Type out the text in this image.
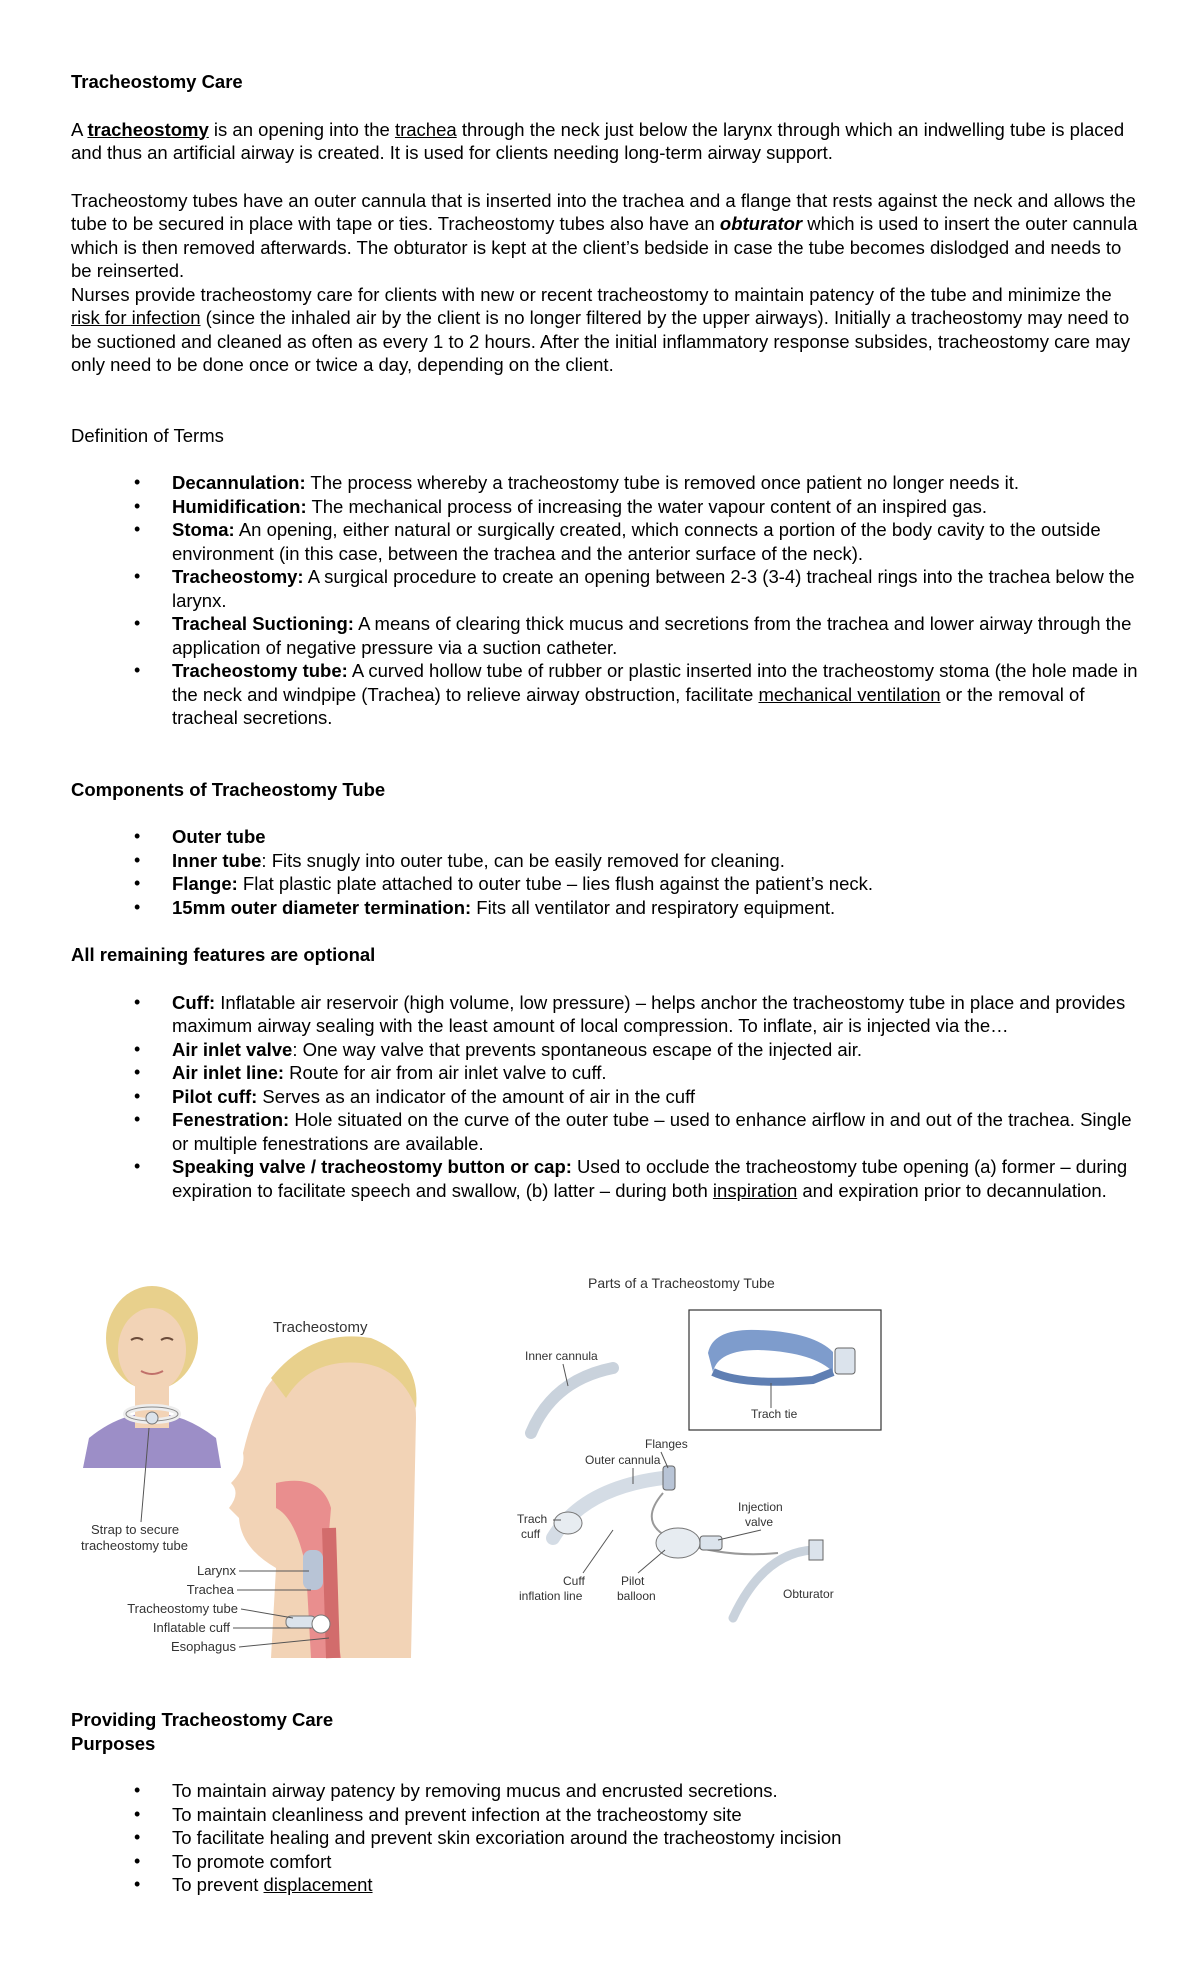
Tracheostomy Care

A tracheostomy is an opening into the trachea through the neck just below the larynx through which an indwelling tube is placed and thus an artificial airway is created. It is used for clients needing long-term airway support.

Tracheostomy tubes have an outer cannula that is inserted into the trachea and a flange that rests against the neck and allows the tube to be secured in place with tape or ties. Tracheostomy tubes also have an obturator which is used to insert the outer cannula which is then removed afterwards. The obturator is kept at the client’s bedside in case the tube becomes dislodged and needs to be reinserted.

Nurses provide tracheostomy care for clients with new or recent tracheostomy to maintain patency of the tube and minimize the risk for infection (since the inhaled air by the client is no longer filtered by the upper airways). Initially a tracheostomy may need to be suctioned and cleaned as often as every 1 to 2 hours. After the initial inflammatory response subsides, tracheostomy care may only need to be done once or twice a day, depending on the client.

Definition of Terms

• Decannulation: The process whereby a tracheostomy tube is removed once patient no longer needs it.
• Humidification: The mechanical process of increasing the water vapour content of an inspired gas.
• Stoma: An opening, either natural or surgically created, which connects a portion of the body cavity to the outside environment (in this case, between the trachea and the anterior surface of the neck).
• Tracheostomy: A surgical procedure to create an opening between 2-3 (3-4) tracheal rings into the trachea below the larynx.
• Tracheal Suctioning: A means of clearing thick mucus and secretions from the trachea and lower airway through the application of negative pressure via a suction catheter.
• Tracheostomy tube: A curved hollow tube of rubber or plastic inserted into the tracheostomy stoma (the hole made in the neck and windpipe (Trachea) to relieve airway obstruction, facilitate mechanical ventilation or the removal of tracheal secretions.

Components of Tracheostomy Tube

• Outer tube
• Inner tube: Fits snugly into outer tube, can be easily removed for cleaning.
• Flange: Flat plastic plate attached to outer tube – lies flush against the patient’s neck.
• 15mm outer diameter termination: Fits all ventilator and respiratory equipment.

All remaining features are optional

• Cuff: Inflatable air reservoir (high volume, low pressure) – helps anchor the tracheostomy tube in place and provides maximum airway sealing with the least amount of local compression. To inflate, air is injected via the…
• Air inlet valve: One way valve that prevents spontaneous escape of the injected air.
• Air inlet line: Route for air from air inlet valve to cuff.
• Pilot cuff: Serves as an indicator of the amount of air in the cuff
• Fenestration: Hole situated on the curve of the outer tube – used to enhance airflow in and out of the trachea. Single or multiple fenestrations are available.
• Speaking valve / tracheostomy button or cap: Used to occlude the tracheostomy tube opening (a) former – during expiration to facilitate speech and swallow, (b) latter – during both inspiration and expiration prior to decannulation.
Tracheostomy
Strap to secure
tracheostomy tube
Larynx
Trachea
Tracheostomy tube
Inflatable cuff
Esophagus
Parts of a Tracheostomy Tube
Trach tie
Inner cannula
Flanges
Outer cannula
Injection
valve
Trach
cuff
Cuff
inflation line
Pilot
balloon	Obturator

Providing Tracheostomy Care

Purposes

• To maintain airway patency by removing mucus and encrusted secretions.
• To maintain cleanliness and prevent infection at the tracheostomy site
• To facilitate healing and prevent skin excoriation around the tracheostomy incision
• To promote comfort
• To prevent displacement
